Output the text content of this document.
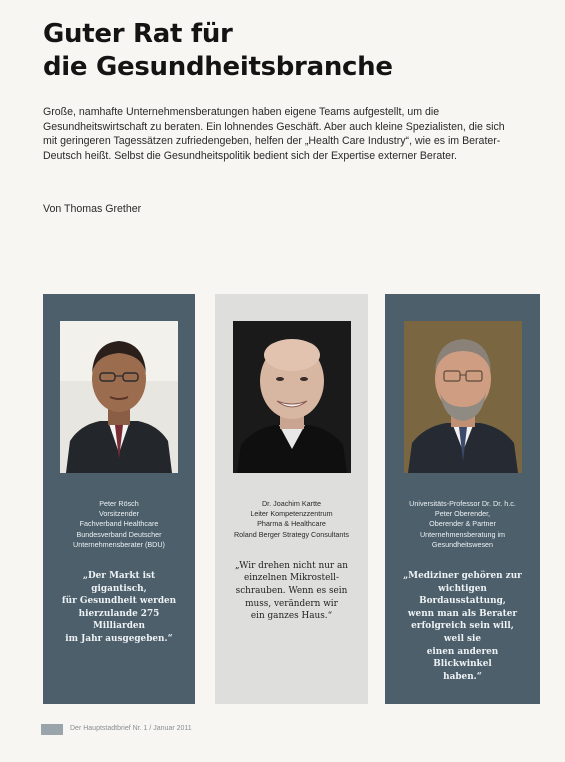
Guter Rat für
die Gesundheitsbranche

Große, namhafte Unternehmensberatungen haben eigene Teams aufgestellt, um die Gesundheitswirtschaft zu beraten. Ein lohnendes Geschäft. Aber auch kleine Spezialisten, die sich mit geringeren Tagessätzen zufriedengeben, helfen der „Health Care Industry“, wie es im Berater-Deutsch heißt. Selbst die Gesundheitspolitik bedient sich der Expertise externer Berater.

Von Thomas Grether
Peter Rösch
Vorsitzender
Fachverband Healthcare
Bundesverband Deutscher
Unternehmensberater (BDU)
„Der Markt ist gigantisch,
für Gesundheit werden
hierzulande 275 Milliarden
im Jahr ausgegeben.“
Dr. Joachim Kartte
Leiter Kompetenzzentrum
Pharma & Healthcare
Roland Berger Strategy Consultants
„Wir drehen nicht nur an
einzelnen Mikrostell-
schrauben. Wenn es sein
muss, verändern wir
ein ganzes Haus.“
Universitäts-Professor Dr. Dr. h.c.
Peter Oberender,
Oberender & Partner
Unternehmensberatung im
Gesundheitswesen
„Mediziner gehören zur
wichtigen Bordausstattung,
wenn man als Berater
erfolgreich sein will, weil sie
einen anderen Blickwinkel
haben.“
Der Hauptstadtbrief Nr. 1 / Januar 2011
